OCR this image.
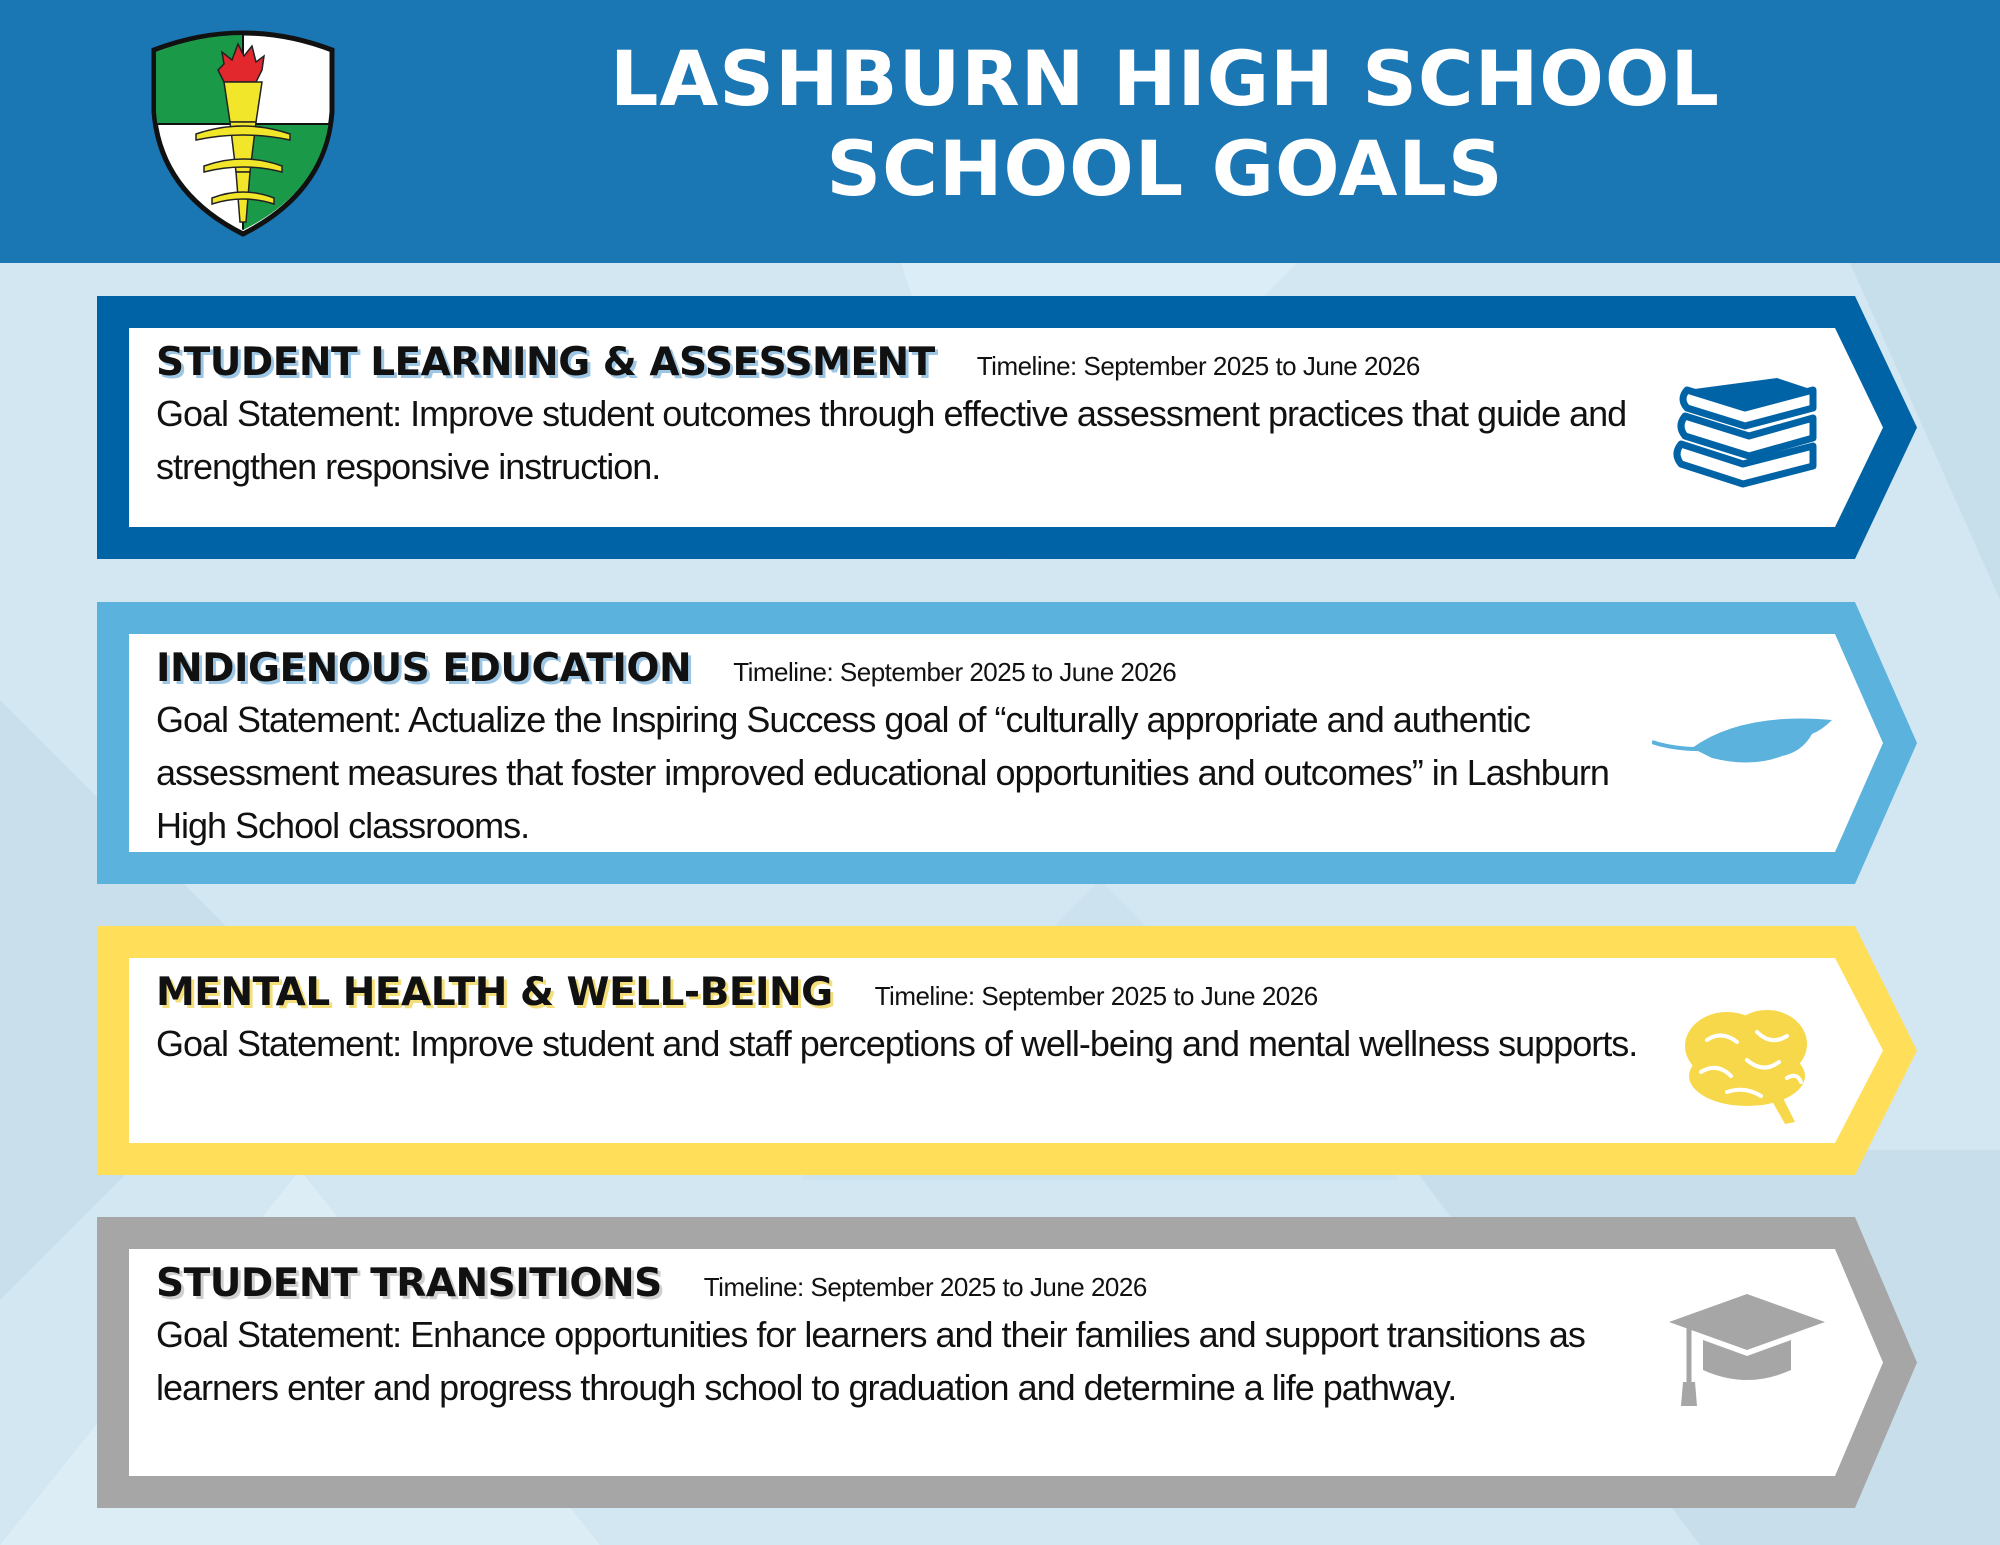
LASHBURN HIGH SCHOOL
SCHOOL GOALS
STUDENT LEARNING & ASSESSMENT Timeline: September 2025 to June 2026
Goal Statement: Improve student outcomes through effective assessment practices that guide and strengthen responsive instruction.
INDIGENOUS EDUCATION Timeline: September 2025 to June 2026
Goal Statement: Actualize the Inspiring Success goal of “culturally appropriate and authentic assessment measures that foster improved educational opportunities and outcomes” in Lashburn High School classrooms.
MENTAL HEALTH & WELL-BEING Timeline: September 2025 to June 2026
Goal Statement: Improve student and staff perceptions of well-being and mental wellness supports.
STUDENT TRANSITIONS Timeline: September 2025 to June 2026
Goal Statement: Enhance opportunities for learners and their families and support transitions as learners enter and progress through school to graduation and determine a life pathway.
